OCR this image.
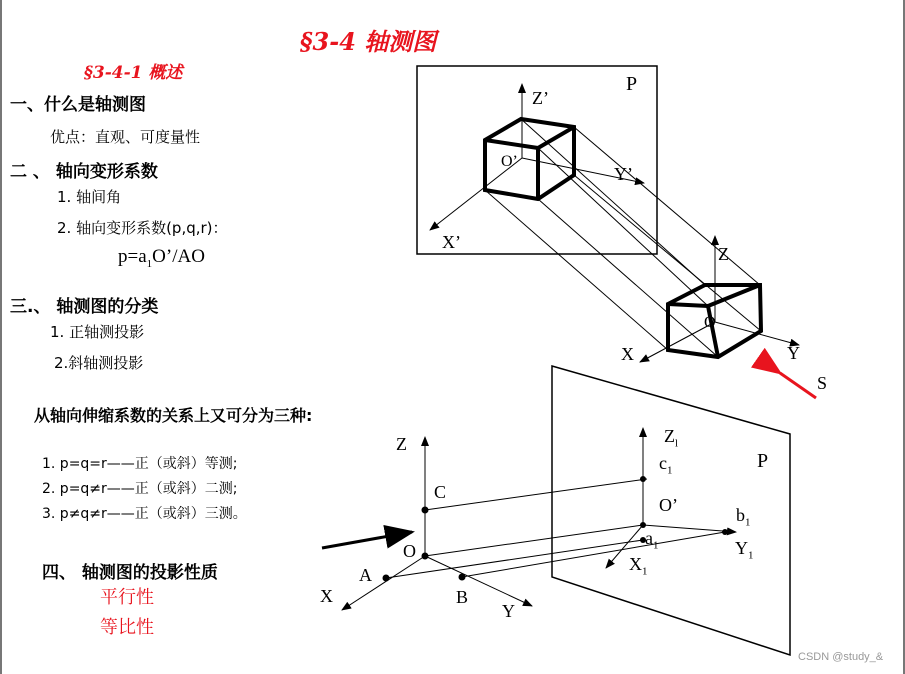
§3-4 轴测图
§3-4-1 概述
一、什么是轴测图
优点：直观、可度量性
二 、 轴向变形系数
1. 轴间角
2. 轴向变形系数(p,q,r)：
$p=a_1O’/AO$
三.、 轴测图的分类
1. 正轴测投影
2.斜轴测投影
从轴向伸缩系数的关系上又可分为三种:
1. p=q=r——正（或斜）等测;
2. p=q≠r——正（或斜）二测;
3. p≠q≠r——正（或斜）三测。
四、 轴测图的投影性质
平行性
等比性
P
Z’
O’
Y’
X’
Z
O
X	Y
S
Z
C
O
A
X	B
Y
$Z_l$
$c_1$	P
O’	$b_1$
$a_1$	$Y_1$
$X_1$
CSDN @study_&
